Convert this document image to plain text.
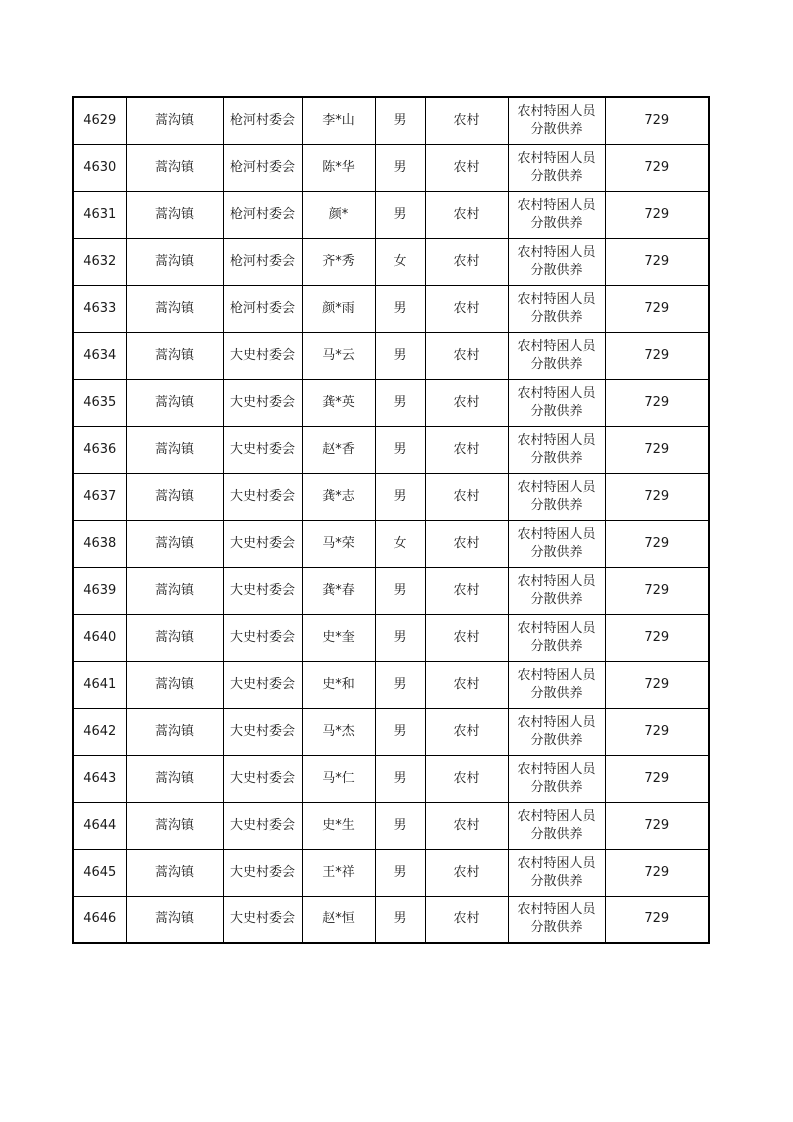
4629	蒿沟镇	枪河村委会	李*山	男	农村	农村特困人员分散供养	729
4630	蒿沟镇	枪河村委会	陈*华	男	农村	农村特困人员分散供养	729
4631	蒿沟镇	枪河村委会	颜*	男	农村	农村特困人员分散供养	729
4632	蒿沟镇	枪河村委会	齐*秀	女	农村	农村特困人员分散供养	729
4633	蒿沟镇	枪河村委会	颜*雨	男	农村	农村特困人员分散供养	729
4634	蒿沟镇	大史村委会	马*云	男	农村	农村特困人员分散供养	729
4635	蒿沟镇	大史村委会	龚*英	男	农村	农村特困人员分散供养	729
4636	蒿沟镇	大史村委会	赵*香	男	农村	农村特困人员分散供养	729
4637	蒿沟镇	大史村委会	龚*志	男	农村	农村特困人员分散供养	729
4638	蒿沟镇	大史村委会	马*荣	女	农村	农村特困人员分散供养	729
4639	蒿沟镇	大史村委会	龚*春	男	农村	农村特困人员分散供养	729
4640	蒿沟镇	大史村委会	史*奎	男	农村	农村特困人员分散供养	729
4641	蒿沟镇	大史村委会	史*和	男	农村	农村特困人员分散供养	729
4642	蒿沟镇	大史村委会	马*杰	男	农村	农村特困人员分散供养	729
4643	蒿沟镇	大史村委会	马*仁	男	农村	农村特困人员分散供养	729
4644	蒿沟镇	大史村委会	史*生	男	农村	农村特困人员分散供养	729
4645	蒿沟镇	大史村委会	王*祥	男	农村	农村特困人员分散供养	729
4646	蒿沟镇	大史村委会	赵*恒	男	农村	农村特困人员分散供养	729
